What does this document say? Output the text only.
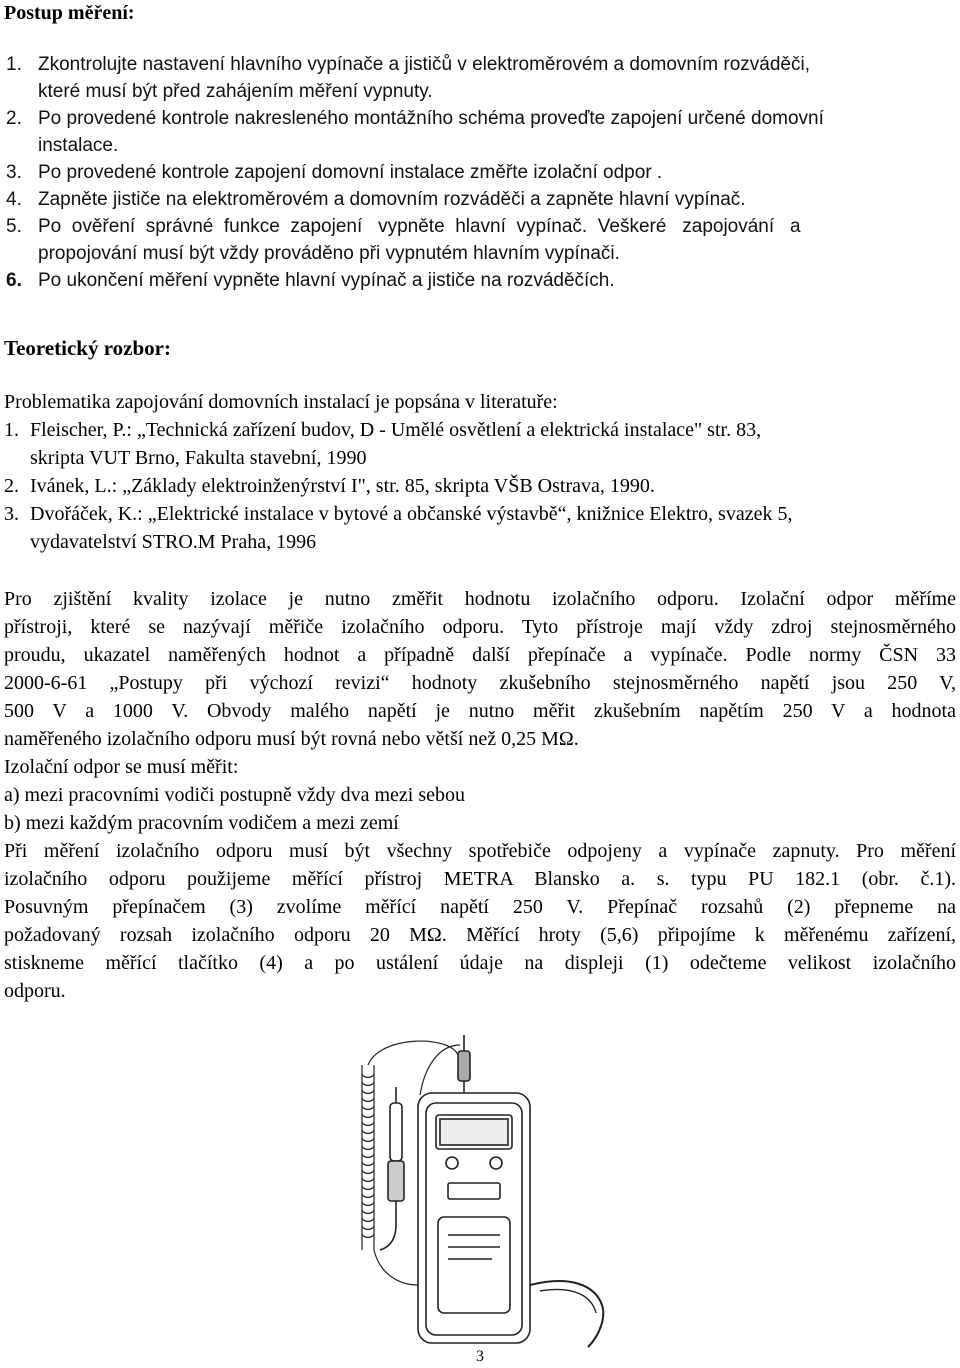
Postup měření:
1. Zkontrolujte nastavení hlavního vypínače a jističů v elektroměrovém a domovním rozváděči,
které musí být před zahájením měření vypnuty.
2. Po provedené kontrole nakresleného montážního schéma proveďte zapojení určené domovní
instalace.
3. Po provedené kontrole zapojení domovní instalace změřte izolační odpor .
4. Zapněte jističe na elektroměrovém a domovním rozváděči a zapněte hlavní vypínač.
5. Po  ověření  správné  funkce  zapojení   vypněte  hlavní  vypínač.  Veškeré   zapojování   a
propojování musí být vždy prováděno při vypnutém hlavním vypínači.
6. Po ukončení měření vypněte hlavní vypínač a jističe na rozváděčích.
Teoretický rozbor:
Problematika zapojování domovních instalací je popsána v literatuře:
1. Fleischer, P.: „Technická zařízení budov, D - Umělé osvětlení a elektrická instalace" str. 83,
skripta VUT Brno, Fakulta stavební, 1990
2. Ivánek, L.: „Základy elektroinženýrství I", str. 85, skripta VŠB Ostrava, 1990.
3. Dvořáček, K.: „Elektrické instalace v bytové a občanské výstavbě“, knižnice Elektro, svazek 5,
vydavatelství STRO.M Praha, 1996
Pro zjištění kvality izolace je nutno změřit hodnotu izolačního odporu. Izolační odpor měříme
přístroji, které se nazývají měřiče izolačního odporu. Tyto přístroje mají vždy zdroj stejnosměrného
proudu, ukazatel naměřených hodnot a případně další přepínače a vypínače. Podle normy ČSN 33
2000-6-61 „Postupy při výchozí revizi“ hodnoty zkušebního stejnosměrného napětí jsou 250 V,
500 V a 1000 V. Obvody malého napětí je nutno měřit zkušebním napětím 250 V a hodnota
naměřeného izolačního odporu musí být rovná nebo větší než 0,25 MΩ.
Izolační odpor se musí měřit:
a) mezi pracovními vodiči postupně vždy dva mezi sebou
b) mezi každým pracovním vodičem a mezi zemí
Při měření izolačního odporu musí být všechny spotřebiče odpojeny a vypínače zapnuty. Pro měření
izolačního odporu použijeme měřící přístroj METRA Blansko a. s. typu PU 182.1 (obr. č.1).
Posuvným přepínačem (3) zvolíme měřící napětí 250 V. Přepínač rozsahů (2) přepneme na
požadovaný rozsah izolačního odporu 20 MΩ. Měřící hroty (5,6) připojíme k měřenému zařízení,
stiskneme měřící tlačítko (4) a po ustálení údaje na displeji (1) odečteme velikost izolačního
odporu.
3
